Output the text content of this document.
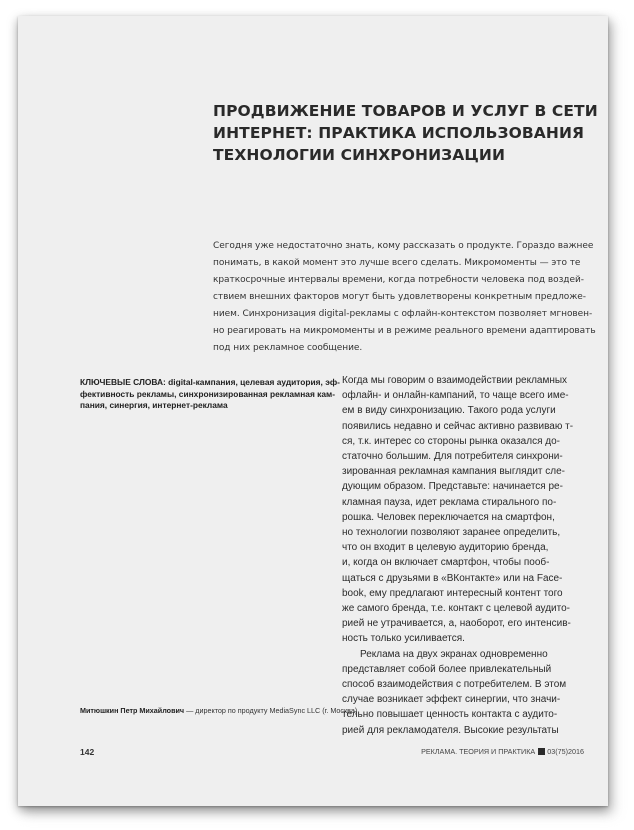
ПРОДВИЖЕНИЕ ТОВАРОВ И УСЛУГ В СЕТИ
ИНТЕРНЕТ: ПРАКТИКА ИСПОЛЬЗОВАНИЯ
ТЕХНОЛОГИИ СИНХРОНИЗАЦИИ
Сегодня уже недостаточно знать, кому рассказать о продукте. Гораздо важнее
понимать, в какой момент это лучше всего сделать. Микромоменты — это те
краткосрочные интервалы времени, когда потребности человека под воздей-
ствием внешних факторов могут быть удовлетворены конкретным предложе-
нием. Синхронизация digital-рекламы с офлайн-контекстом позволяет мгновен-
но реагировать на микромоменты и в режиме реального времени адаптировать
под них рекламное сообщение.
КЛЮЧЕВЫЕ СЛОВА: digital-кампания, целевая аудитория, эф-
фективность рекламы, синхронизированная рекламная кам-
пания, синергия, интернет-реклама
Митюшкин Петр Михайлович — директор по продукту MediaSync LLC (г. Москва)
Когда мы говорим о взаимодействии рекламных
офлайн- и онлайн-кампаний, то чаще всего име-
ем в виду синхронизацию. Такого рода услуги
появились недавно и сейчас активно развиваю т-
ся, т.к. интерес со стороны рынка оказался до-
статочно большим. Для потребителя синхрони-
зированная рекламная кампания выглядит сле-
дующим образом. Представьте: начинается ре-
кламная пауза, идет реклама стирального по-
рошка. Человек переключается на смартфон,
но технологии позволяют заранее определить,
что он входит в целевую аудиторию бренда,
и, когда он включает смартфон, чтобы пооб-
щаться с друзьями в «ВКонтакте» или на Face-
book, ему предлагают интересный контент того
же самого бренда, т.е. контакт с целевой аудито-
рией не утрачивается, а, наоборот, его интенсив-
ность только усиливается.
Реклама на двух экранах одновременно
представляет собой более привлекательный
способ взаимодействия с потребителем. В этом
случае возникает эффект синергии, что значи-
тельно повышает ценность контакта с аудито-
рией для рекламодателя. Высокие результаты
142	РЕКЛАМА. ТЕОРИЯ И ПРАКТИКА 03(75)2016
